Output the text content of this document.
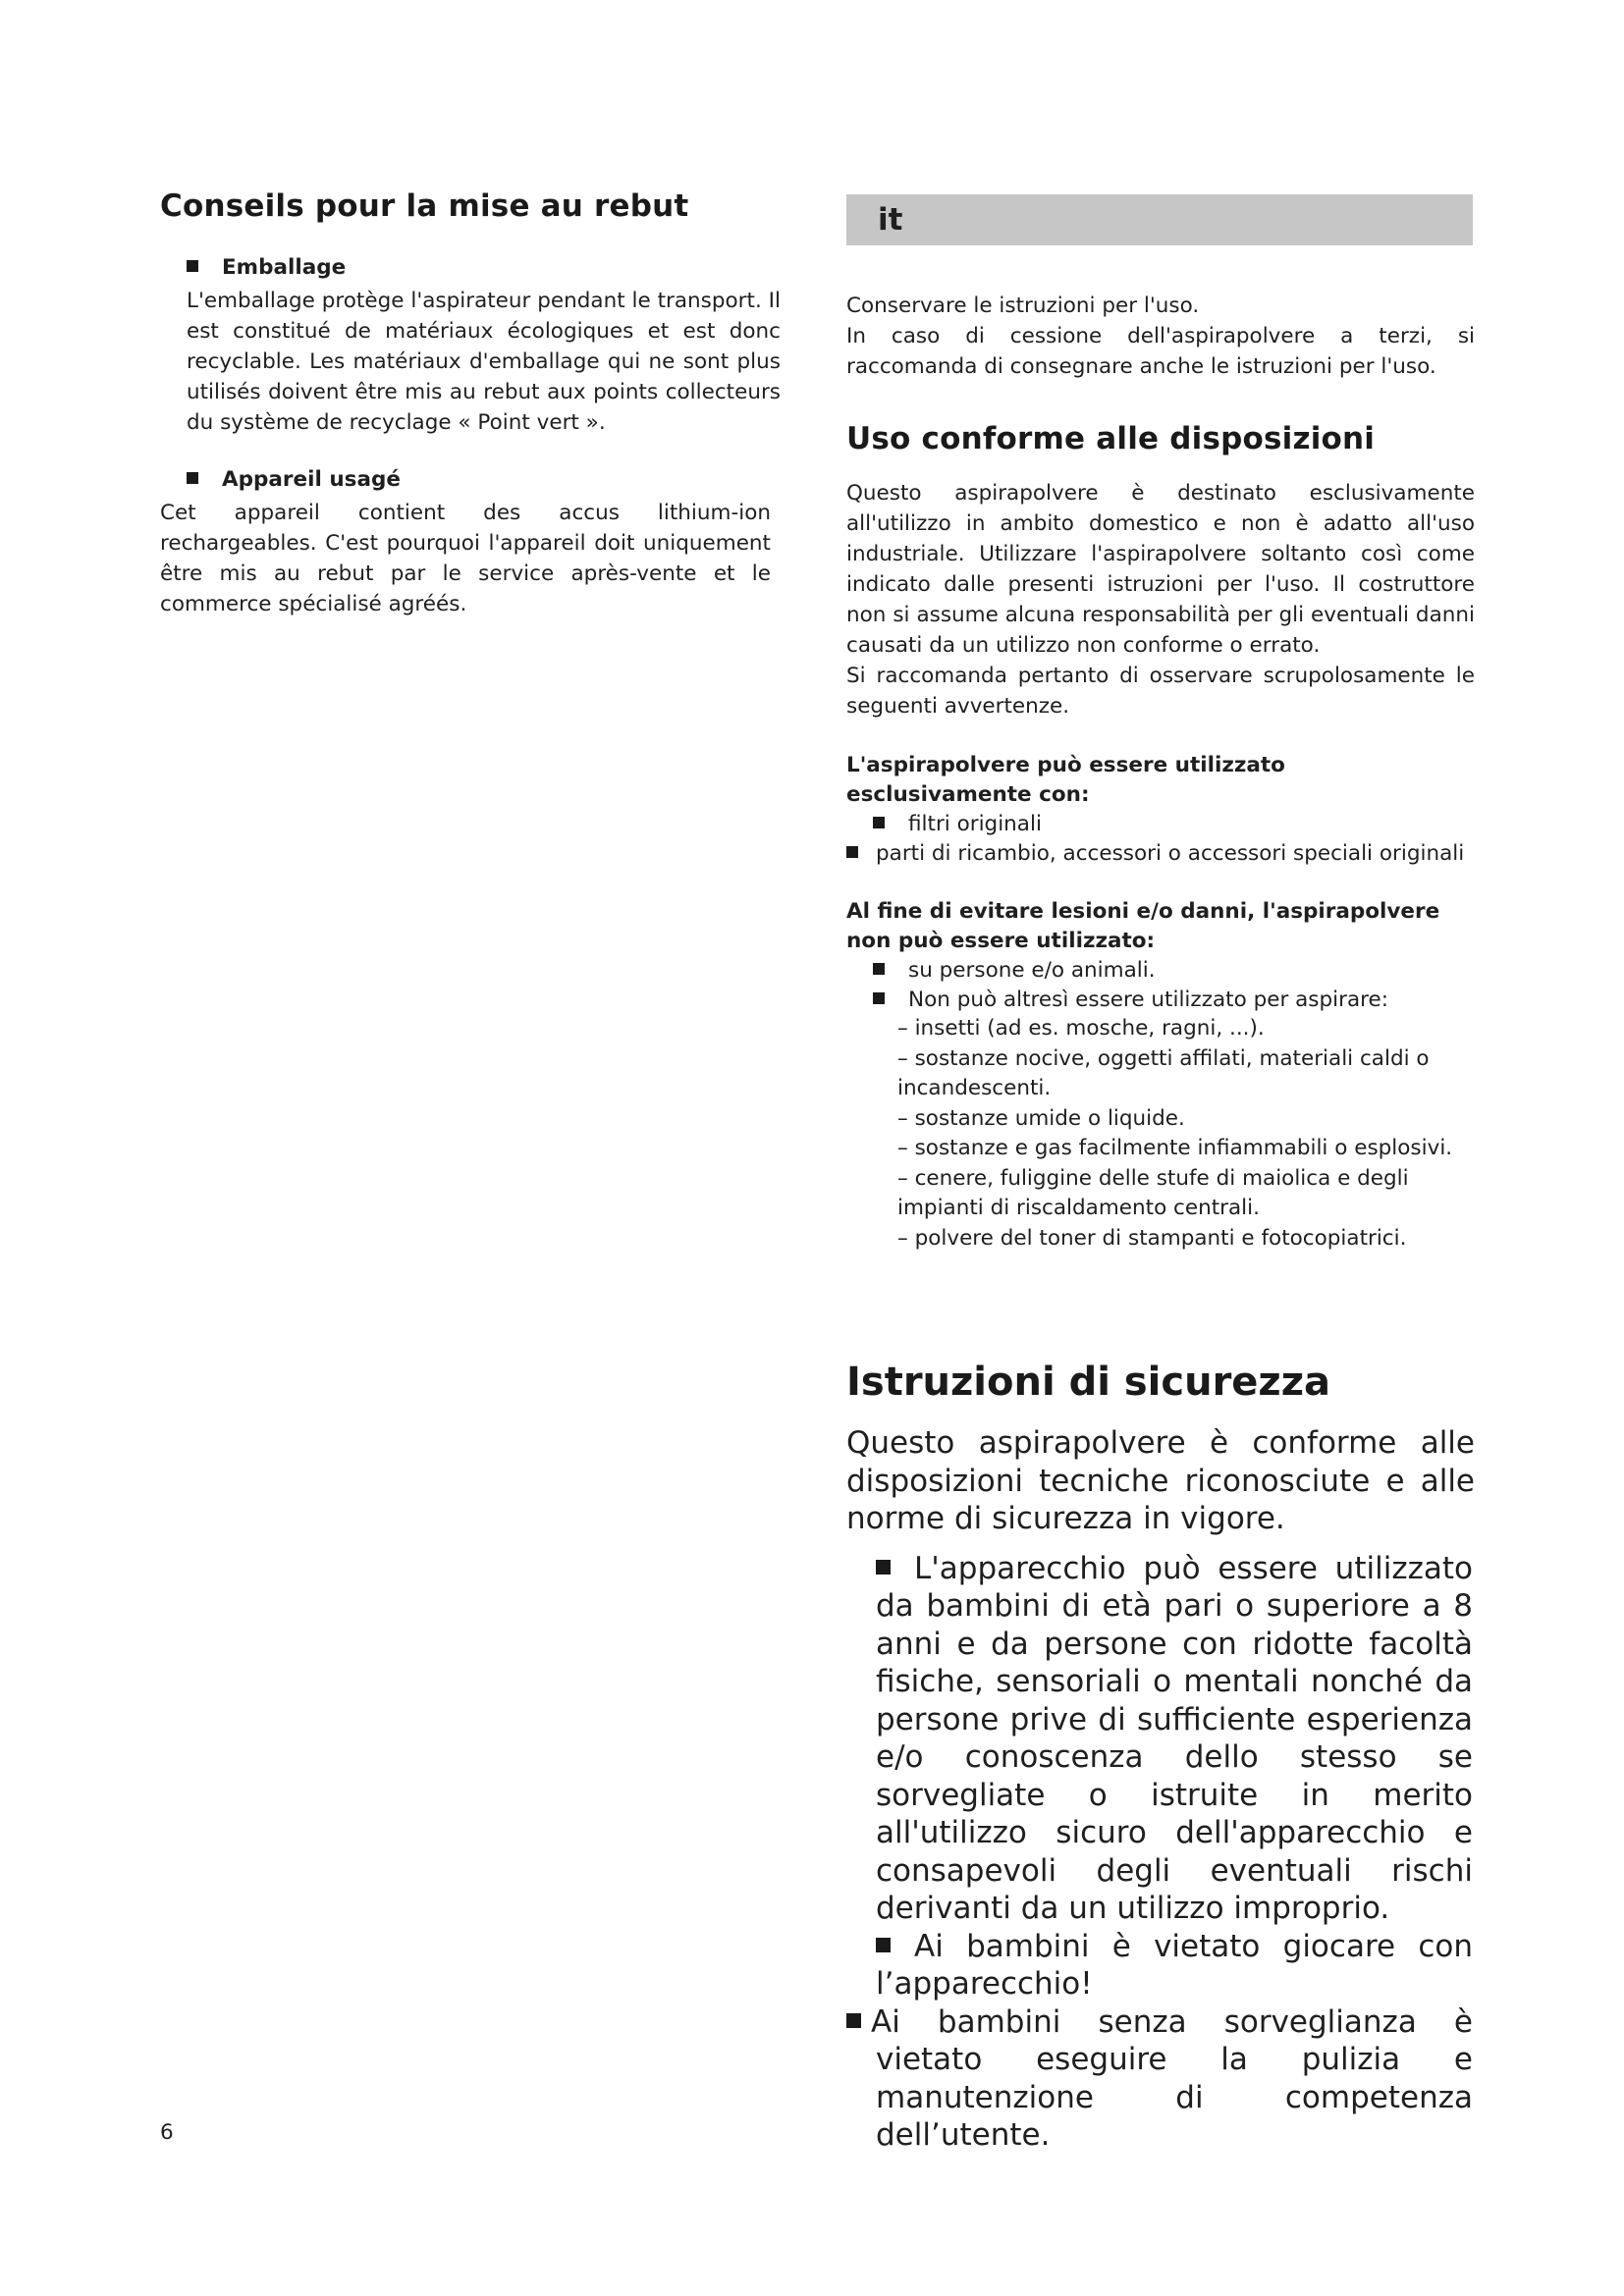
Conseils pour la mise au rebut
Emballage

L'emballage protège l'aspirateur pendant le transport. Il est constitué de matériaux écologiques et est donc recyclable. Les matériaux d'emballage qui ne sont plus utilisés doivent être mis au rebut aux points collecteurs du système de recyclage « Point vert ».

Appareil usagé

Cet appareil contient des accus lithium-ion rechargeables. C'est pourquoi l'appareil doit uniquement être mis au rebut par le service après-vente et le commerce spécialisé agréés.

it

Conservare le istruzioni per l'uso.

In caso di cessione dell'aspirapolvere a terzi, si raccomanda di consegnare anche le istruzioni per l'uso.

Uso conforme alle disposizioni

Questo aspirapolvere è destinato esclusivamente all'utilizzo in ambito domestico e non è adatto all'uso industriale. Utilizzare l'aspirapolvere soltanto così come indicato dalle presenti istruzioni per l'uso. Il costruttore non si assume alcuna responsabilità per gli eventuali danni causati da un utilizzo non conforme o errato.

Si raccomanda pertanto di osservare scrupolosamente le seguenti avvertenze.

L'aspirapolvere può essere utilizzato esclusivamente con:

filtri originali
parti di ricambio, accessori o accessori speciali originali

Al fine di evitare lesioni e/o danni, l'aspirapolvere non può essere utilizzato:

su persone e/o animali.
Non può altresì essere utilizzato per aspirare:

– insetti (ad es. mosche, ragni, ...).

– sostanze nocive, oggetti affilati, materiali caldi o incandescenti.

– sostanze umide o liquide.

– sostanze e gas facilmente infiammabili o esplosivi.

– cenere, fuliggine delle stufe di maiolica e degli impianti di riscaldamento centrali.

– polvere del toner di stampanti e fotocopiatrici.

Istruzioni di sicurezza

Questo aspirapolvere è conforme alle disposizioni tecniche riconosciute e alle norme di sicurezza in vigore.

L'apparecchio può essere utilizzato da bambini di età pari o superiore a 8 anni e da persone con ridotte facoltà fisiche, sensoriali o mentali nonché da persone prive di sufficiente esperienza e/o conoscenza dello stesso se sorvegliate o istruite in merito all'utilizzo sicuro dell'apparecchio e consapevoli degli eventuali rischi derivanti da un utilizzo improprio.
Ai bambini è vietato giocare con l’apparecchio!
Ai bambini senza sorveglianza è vietato eseguire la pulizia e manutenzione di competenza dell’utente.
6
